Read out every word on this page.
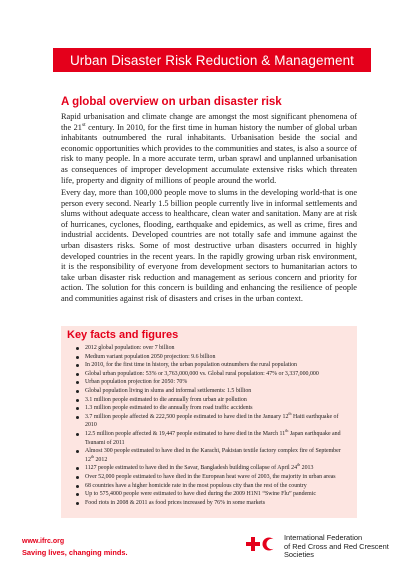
Urban Disaster Risk Reduction & Management
A global overview on urban disaster risk

Rapid urbanisation and climate change are amongst the most significant phenomena of the 21st century. In 2010, for the first time in human history the number of global urban inhabitants outnumbered the rural inhabitants. Urbanisation beside the social and economic opportunities which provides to the communities and states, is also a source of risk to many people. In a more accurate term, urban sprawl and unplanned urbanisation as consequences of improper development accumulate extensive risks which threaten life, property and dignity of millions of people around the world.

Every day, more than 100,000 people move to slums in the developing world-that is one person every second. Nearly 1.5 billion people currently live in informal settlements and slums without adequate access to healthcare, clean water and sanitation. Many are at risk of hurricanes, cyclones, flooding, earthquake and epidemics, as well as crime, fires and industrial accidents. Developed countries are not totally safe and immune against the urban disasters risks. Some of most destructive urban disasters occurred in highly developed countries in the recent years. In the rapidly growing urban risk environment, it is the responsibility of everyone from development sectors to humanitarian actors to take urban disaster risk reduction and management as serious concern and priority for action. The solution for this concern is building and enhancing the resilience of people and communities against risk of disasters and crises in the urban context.

Key facts and figures
2012 global population: over 7 billion
Medium variant population 2050 projection: 9.6 billion
In 2010, for the first time in history, the urban population outnumbers the rural population
Global urban population: 53% or 3,763,000,000 vs. Global rural population: 47% or 3,337,000,000
Urban population projection for 2050: 70%
Global population living in slums and informal settlements: 1.5 billion
3.1 million people estimated to die annually from urban air pollution
1.3 million people estimated to die annually from road traffic accidents
3.7 million people affected & 222,500 people estimated to have died in the January 12th Haiti earthquake of 2010
12.5 million people affected & 19,447 people estimated to have died in the March 11th Japan earthquake and Tsunami of 2011
Almost 300 people estimated to have died in the Karachi, Pakistan textile factory complex fire of September 12th 2012
1127 people estimated to have died in the Savar, Bangladesh building collapse of April 24th 2013
Over 52,000 people estimated to have died in the European heat wave of 2003, the majority in urban areas
68 countries have a higher homicide rate in the most populous city than the rest of the country
Up to 575,4000 people were estimated to have died during the 2009 H1N1 “Swine Flu” pandemic
Food riots in 2008 & 2011 as food prices increased by 76% in some markets
www.ifrc.org
Saving lives, changing minds.
International Federation
of Red Cross and Red Crescent Societies
